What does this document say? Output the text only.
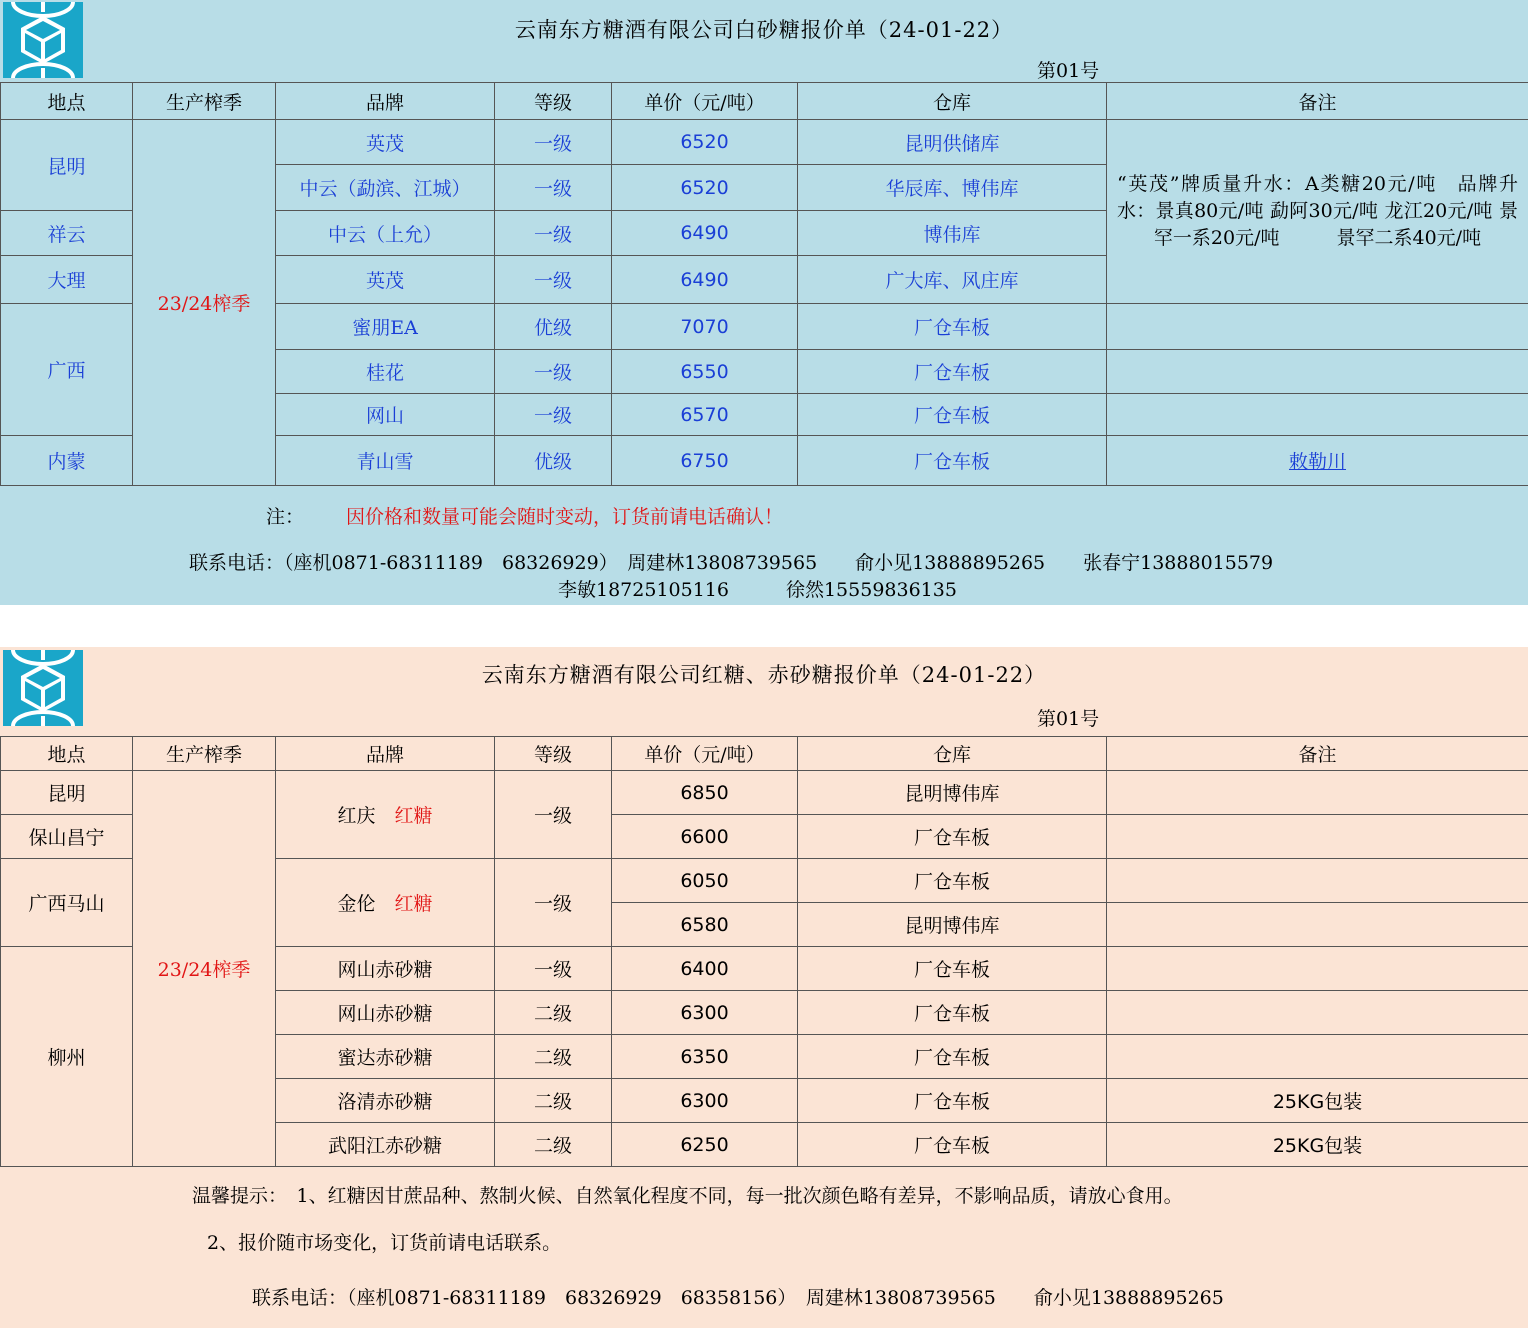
云南东方糖酒有限公司白砂糖报价单（24-01-22）
第01号
地点	生产榨季	品牌	等级	单价（元/吨）	仓库	备注
昆明	23/24榨季	英茂	一级	6520	昆明供储库	“英茂”牌质量升水：A类糖20元/吨　品牌升水：景真80元/吨 勐阿30元/吨 龙江20元/吨 景罕一系20元/吨　　　景罕二系40元/吨
		中云（勐滨、江城）	一级	6520	华辰库、博伟库	
祥云		中云（上允）	一级	6490	博伟库	
大理		英茂	一级	6490	广大库、风庄库	
广西		蜜朋EA	优级	7070	厂仓车板	
		桂花	一级	6550	厂仓车板	
		网山	一级	6570	厂仓车板	
内蒙		青山雪	优级	6750	厂仓车板	敕勒川
注： 因价格和数量可能会随时变动，订货前请电话确认！
联系电话：（座机0871-68311189　68326929）　周建林13808739565　　俞小见13888895265　　张春宁13888015579
李敏18725105116　　　徐然15559836135
云南东方糖酒有限公司红糖、赤砂糖报价单（24-01-22）
第01号
地点	生产榨季	品牌	等级	单价（元/吨）	仓库	备注
昆明	23/24榨季	红庆　 红糖	一级	6850	昆明博伟库	
保山昌宁				6600	厂仓车板	
广西马山		金伦　 红糖	一级	6050	厂仓车板	
				6580	昆明博伟库	
柳州		网山赤砂糖	一级	6400	厂仓车板	
		网山赤砂糖	二级	6300	厂仓车板	
		蜜达赤砂糖	二级	6350	厂仓车板	
		洛清赤砂糖	二级	6300	厂仓车板	25KG包装
		武阳江赤砂糖	二级	6250	厂仓车板	25KG包装
温馨提示：　1、红糖因甘蔗品种、熬制火候、自然氧化程度不同，每一批次颜色略有差异，不影响品质，请放心食用。
2、报价随市场变化，订货前请电话联系。
联系电话：（座机0871-68311189　68326929　68358156）　周建林13808739565　　俞小见13888895265
